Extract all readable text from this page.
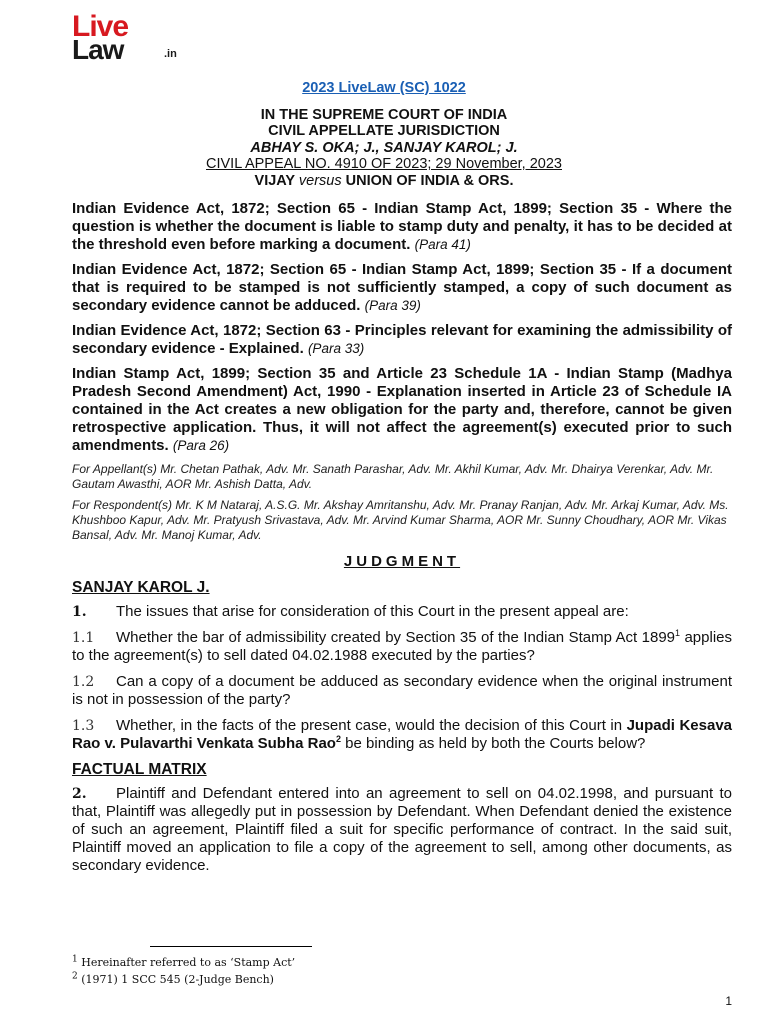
Live
Law	.in
2023 LiveLaw (SC) 1022
IN THE SUPREME COURT OF INDIA
CIVIL APPELLATE JURISDICTION
ABHAY S. OKA; J., SANJAY KAROL; J.
CIVIL APPEAL NO. 4910 OF 2023; 29 November, 2023
VIJAY versus UNION OF INDIA & ORS.

Indian Evidence Act, 1872; Section 65 - Indian Stamp Act, 1899; Section 35 - Where the question is whether the document is liable to stamp duty and penalty, it has to be decided at the threshold even before marking a document. (Para 41)

Indian Evidence Act, 1872; Section 65 - Indian Stamp Act, 1899; Section 35 - If a document that is required to be stamped is not sufficiently stamped, a copy of such document as secondary evidence cannot be adduced. (Para 39)

Indian Evidence Act, 1872; Section 63 - Principles relevant for examining the admissibility of secondary evidence - Explained. (Para 33)

Indian Stamp Act, 1899; Section 35 and Article 23 Schedule 1A - Indian Stamp (Madhya Pradesh Second Amendment) Act, 1990 - Explanation inserted in Article 23 of Schedule IA contained in the Act creates a new obligation for the party and, therefore, cannot be given retrospective application. Thus, it will not affect the agreement(s) executed prior to such amendments. (Para 26)

For Appellant(s) Mr. Chetan Pathak, Adv. Mr. Sanath Parashar, Adv. Mr. Akhil Kumar, Adv. Mr. Dhairya Verenkar, Adv. Mr. Gautam Awasthi, AOR Mr. Ashish Datta, Adv.

For Respondent(s) Mr. K M Nataraj, A.S.G. Mr. Akshay Amritanshu, Adv. Mr. Pranay Ranjan, Adv. Mr. Arkaj Kumar, Adv. Ms. Khushboo Kapur, Adv. Mr. Pratyush Srivastava, Adv. Mr. Arvind Kumar Sharma, AOR Mr. Sunny Choudhary, AOR Mr. Vikas Bansal, Adv. Mr. Manoj Kumar, Adv.

JUDGMENT
SANJAY KAROL J.

1. The issues that arise for consideration of this Court in the present appeal are:

1.1 Whether the bar of admissibility created by Section 35 of the Indian Stamp Act 1899$^1$ applies to the agreement(s) to sell dated 04.02.1988 executed by the parties?

1.2 Can a copy of a document be adduced as secondary evidence when the original instrument is not in possession of the party?

1.3 Whether, in the facts of the present case, would the decision of this Court in Jupadi Kesava Rao v. Pulavarthi Venkata Subha Rao$^2$ be binding as held by both the Courts below?

FACTUAL MATRIX

2. Plaintiff and Defendant entered into an agreement to sell on 04.02.1998, and pursuant to that, Plaintiff was allegedly put in possession by Defendant. When Defendant denied the existence of such an agreement, Plaintiff filed a suit for specific performance of contract. In the said suit, Plaintiff moved an application to file a copy of the agreement to sell, among other documents, as secondary evidence.

$^1$ Hereinafter referred to as ‘Stamp Act’
$^2$ (1971) 1 SCC 545 (2-Judge Bench)
1
